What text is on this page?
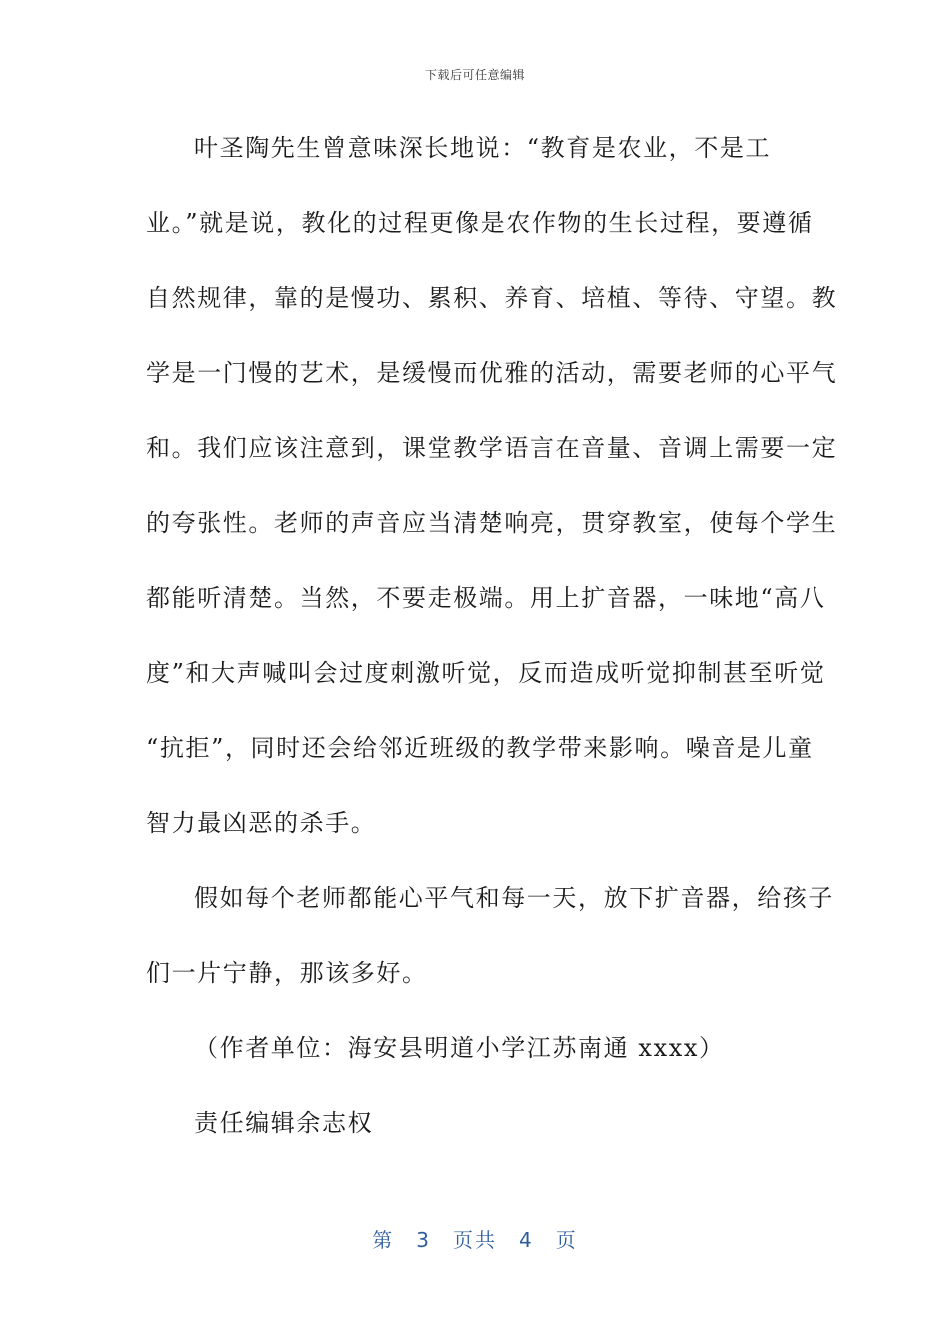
下载后可任意编辑
叶圣陶先生曾意味深长地说：“教育是农业，不是工
业。”就是说，教化的过程更像是农作物的生长过程，要遵循
自然规律，靠的是慢功、累积、养育、培植、等待、守望。教
学是一门慢的艺术，是缓慢而优雅的活动，需要老师的心平气
和。我们应该注意到，课堂教学语言在音量、音调上需要一定
的夸张性。老师的声音应当清楚响亮，贯穿教室，使每个学生
都能听清楚。当然，不要走极端。用上扩音器，一味地“高八
度”和大声喊叫会过度刺激听觉，反而造成听觉抑制甚至听觉
“抗拒”，同时还会给邻近班级的教学带来影响。噪音是儿童
智力最凶恶的杀手。
假如每个老师都能心平气和每一天，放下扩音器，给孩子
们一片宁静，那该多好。
（作者单位：海安县明道小学江苏南通 xxxx）
责任编辑余志权
第 3 页共 4 页
